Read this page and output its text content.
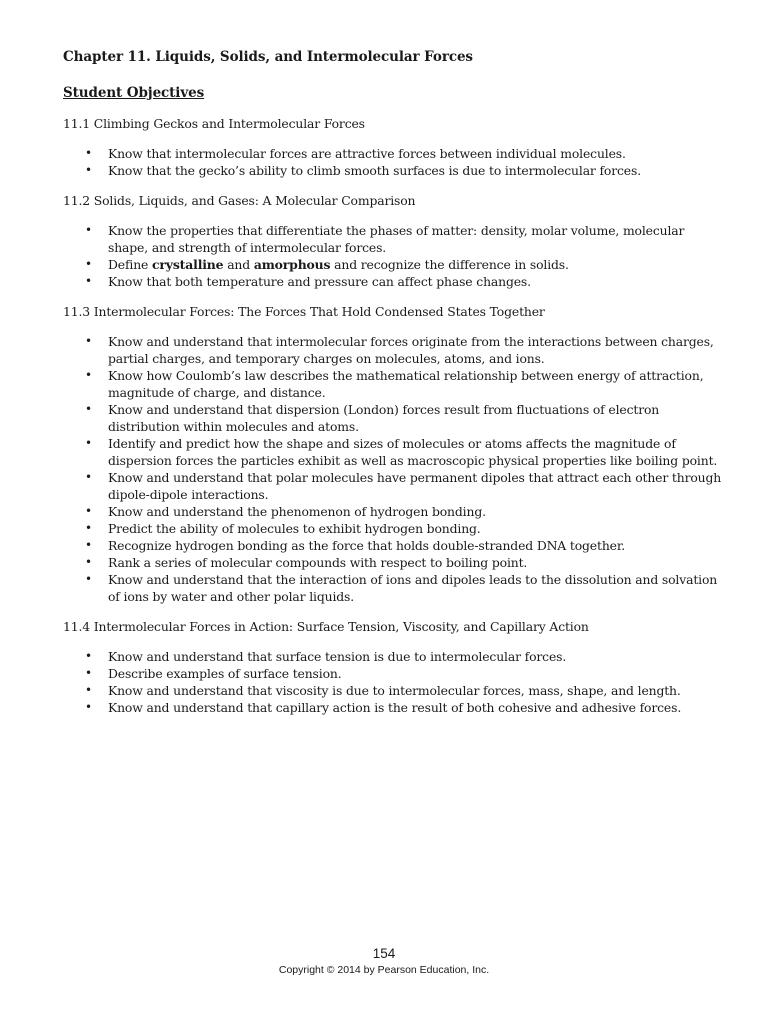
Chapter 11. Liquids, Solids, and Intermolecular Forces

Student Objectives

11.1 Climbing Geckos and Intermolecular Forces

• Know that intermolecular forces are attractive forces between individual molecules.
• Know that the gecko’s ability to climb smooth surfaces is due to intermolecular forces.

11.2 Solids, Liquids, and Gases: A Molecular Comparison

• Know the properties that differentiate the phases of matter: density, molar volume, molecular shape, and strength of intermolecular forces.
• Define crystalline and amorphous and recognize the difference in solids.
• Know that both temperature and pressure can affect phase changes.

11.3 Intermolecular Forces: The Forces That Hold Condensed States Together

• Know and understand that intermolecular forces originate from the interactions between charges, partial charges, and temporary charges on molecules, atoms, and ions.
• Know how Coulomb’s law describes the mathematical relationship between energy of attraction, magnitude of charge, and distance.
• Know and understand that dispersion (London) forces result from fluctuations of electron distribution within molecules and atoms.
• Identify and predict how the shape and sizes of molecules or atoms affects the magnitude of dispersion forces the particles exhibit as well as macroscopic physical properties like boiling point.
• Know and understand that polar molecules have permanent dipoles that attract each other through dipole-dipole interactions.
• Know and understand the phenomenon of hydrogen bonding.
• Predict the ability of molecules to exhibit hydrogen bonding.
• Recognize hydrogen bonding as the force that holds double-stranded DNA together.
• Rank a series of molecular compounds with respect to boiling point.
• Know and understand that the interaction of ions and dipoles leads to the dissolution and solvation of ions by water and other polar liquids.

11.4 Intermolecular Forces in Action: Surface Tension, Viscosity, and Capillary Action

• Know and understand that surface tension is due to intermolecular forces.
• Describe examples of surface tension.
• Know and understand that viscosity is due to intermolecular forces, mass, shape, and length.
• Know and understand that capillary action is the result of both cohesive and adhesive forces.
154
Copyright © 2014 by Pearson Education, Inc.
